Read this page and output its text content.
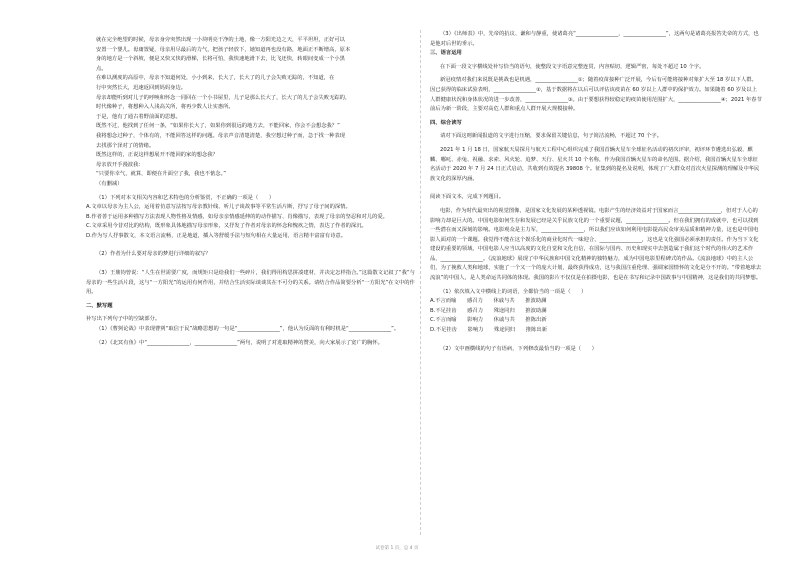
就在完全绝望的时候，母亲身旁突然出现一小块明亮干净的土地，像一方阳光边之天，平平坦坦，正好可以

安置一个婴儿。毋庸置疑，母亲用尽最后的力气，把孩子轻放下，她知道再也没有路，地面正不断增高，原本

身的地方是一个斜坡，便是又快又快的滑梯，长将可怕，我快速地滑下去，比飞还快，转眼间变成一个小黑

点。

在难以测度的高原中，母亲不知道何处，小小到来，长大了，长大了的儿子会失败无踪的，不知道，在

行中突然长大，迅速返回到妈妈身边。

母亲却能听到对儿子的呼唤和怀念一同回在一个小书屋里，儿子是那么长大了，长大了的儿子会失败无踪的，

时代像种子，将想种入人浅高关所，将再少数人让实惠所。

于是，他有了通古着野前面的思想。

既然不过，他找到了任何一条，“如果你长大了，如果你到很远的地方去，不能回家，你会不会想念我？”

我将想念过种子，个体有的，不能回答这样的问题。母亲声音清楚清楚，我空想过种子而，急于找一种表现

去找那个泽对了的情绪。

既然这样的，正说这样想展开不能回的家的想念我？

母亲放开手漫波我：

“只要你幸气，就算，即便在升面空了我，我也不惦念。”

（有删减）

（1）下列对本文相关内容和艺术特色的分析鉴赏，不正确的一项是（　　）

A.文章以母亲为主人公，运用着仿意写法按写母亲教针线、听儿子谈故事等平常生活片断，抒写了母子间的深情。

B.作者善于运用多种描写方法表现人物性格及情感，如母亲亲情感延伸的的动作描写、肖像描写，表现了母亲的坚忍和对儿的爱。

C.文章采用今昔对比的结构，既形象具体地描写母亲形象，又抒发了作者对母亲的怀念和愧疚之情，表达了作者的深沉。

D.作为写人抒事散文，本文语言流畅，正是地道，插入等舒缓手法与短句相在大量运用，语言精丰富富有诗意。

（2）作者为什么要对母亲的梦进行详细的叙写？

（3）王鼎钧曾说：“人生在世需要广度，而规矩只是给我们一些碎片，我们得用构思拼凑建材，并决定怎样指合。”这篇散文记叙了“我”与母亲的一些生活片段，这与“一方阳光”的运用有何作用，并结合生活实际谈谈其在不可分的关系。请结合作品简要分析“一方阳光”在文中的作用。

二、默写题

补写出下列句子中的空缺部分。

（1）《曹刿论战》中表现曹刿“取信于民”战略思想的一句是“________________”，他认为反面的有利时机是“________________”。

（2）《北冥有鱼》中“________________，________________”两句，说明了对进取精神的赞美，向大家展示了宽广的胸怀。

（3）《出师表》中，先帝的抗议、谦和与静重，使诸葛亮“________________，________________”，这两句是诸葛亮报答先帝的方式，也是他对后世的垂示。

三、语言运用

在下面一段文字横线处补写恰当的语句，使整段文字语意完整连贯，内容贴切，逻辑严密，每处不超过 10 个字。

新冠疫情对我们来说既是挑战也是机遇，________________①；随着疫苗接种广泛开展，今后有可能将接种对象扩大至 18 岁以下人群。因已获得的临床试验表明，________________②，基于数据将在以后可以评估该疫苗在 60 岁以上人群中的保护效力。如果随着 60 岁及以上人群健康状况和身体状况的进一步改善，________________③。由于要想获得较稳定的疫苗使用范围扩大，________________④；2021 年春节前后为新一阶段，主要对高危人群和重点人群开展大规模接种。

四、综合读写

请对下面这则新闻报道的文字进行压缩，要求保留关键信息，句子简洁流畅，不超过 70 个字。

2021 年 1 月 18 日，国家航天局探月与航天工程中心组织完成了我国首辆火星车全球征名活动的初次评审，初评环节遴选出弘毅、麒麟、哪吒、赤兔、祝融、求索、风火轮、追梦、天行、星火共 10 个名称，作为我国首辆火星车的命名范围。据介绍，我国首辆火星车全球征名活动于 2020 年 7 月 24 日正式启动，共收到有效提名 39808 个。征集到的提名及说明，体现了广大群众对首次火星探测的理解及中华民族文化的深厚内涵。

阅读下面文本，完成下列题目。

电影，作为时代最突出的视觉图像，是国家文化发展的某种透视镜。电影产生的经济效益对于国家而言________________，但对于人心的影响力却是巨大的。中国电影如何生存和发展已经是关乎民族文化的一个重要议题，________________。但在我们拥有的成就中，也可以找到一些潜在而又深刻的影响。电影观众是主力军，________________，所以我们应该如何利用电影提高民众审美品质和精神力量，这也是中国电影人面对的一个课题。我觉得不能在这个娱乐化的商业化时代一味迎合，________________，这也是文化强国必须承担的责任。作为当下文化建设的重要的领域，中国电影人应当以高度的文化自觉和文化自信，在国际与国内、历史和现实中去创造属于我们这个时代的伟大的艺术作品，________________。《流浪地球》展现了中华民族和中国文化精神的独特魅力，成为中国电影里程碑式的作品。《流浪地球》中的主人公们，为了挽救人类和地球，实施了一个又一个的庞大计划，最终获得成功，这与我国注重伦理、强调家国情怀的文化是分不开的。“带着地球去流浪”的中国人，是人类命运共同体的体现。我国的影片不仅仅是在拍摄电影，也是在书写和记录中国故事与中国精神，这是我们的共同梦想。

（1）依次填入文中横线上的词语，全都恰当的一项是（　　）

A.不言而喻　　感召力　　休戚与共　　推波助澜

B.不足挂齿　　感召力　　殊途同归　　推波助澜

C.不言而喻　　影响力　　休戚与共　　推陈出新

D.不足挂齿　　影响力　　殊途同归　　推陈出新

（2）文中画横线的句子有语病，下列修改最恰当的一项是（　　）

试卷第 1 页，总 4 页
